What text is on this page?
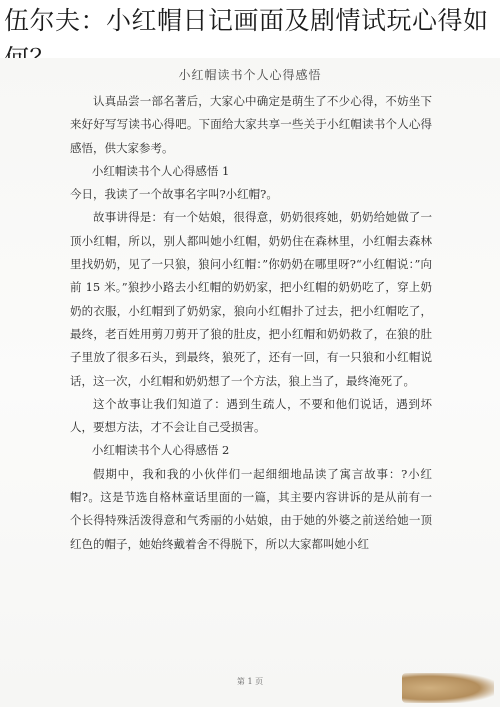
伍尔夫：小红帽日记画面及剧情试玩心得如
小红帽读书个人心得感悟

认真品尝一部名著后，大家心中确定是萌生了不少心得，不妨坐下来好好写写读书心得吧。下面给大家共享一些关于小红帽读书个人心得感悟，供大家参考。

小红帽读书个人心得感悟 1

今日，我读了一个故事名字叫?小红帽?。

故事讲得是：有一个姑娘，很得意，奶奶很疼她，奶奶给她做了一顶小红帽，所以，别人都叫她小红帽，奶奶住在森林里，小红帽去森林里找奶奶，见了一只狼，狼问小红帽：”你奶奶在哪里呀?“小红帽说：”向前 15 米。”狼抄小路去小红帽的奶奶家，把小红帽的奶奶吃了，穿上奶奶的衣服，小红帽到了奶奶家，狼向小红帽扑了过去，把小红帽吃了，最终，老百姓用剪刀剪开了狼的肚皮，把小红帽和奶奶救了，在狼的肚子里放了很多石头，到最终，狼死了，还有一回，有一只狼和小红帽说话，这一次，小红帽和奶奶想了一个方法，狼上当了，最终淹死了。

这个故事让我们知道了：遇到生疏人，不要和他们说话，遇到坏人，要想方法，才不会让自己受损害。

小红帽读书个人心得感悟 2

假期中，我和我的小伙伴们一起细细地品读了寓言故事：?小红帽?。这是节选自格林童话里面的一篇，其主要内容讲诉的是从前有一个长得特殊活泼得意和气秀丽的小姑娘，由于她的外婆之前送给她一顶红色的帽子，她始终戴着舍不得脱下，所以大家都叫她小红

第 1 页
